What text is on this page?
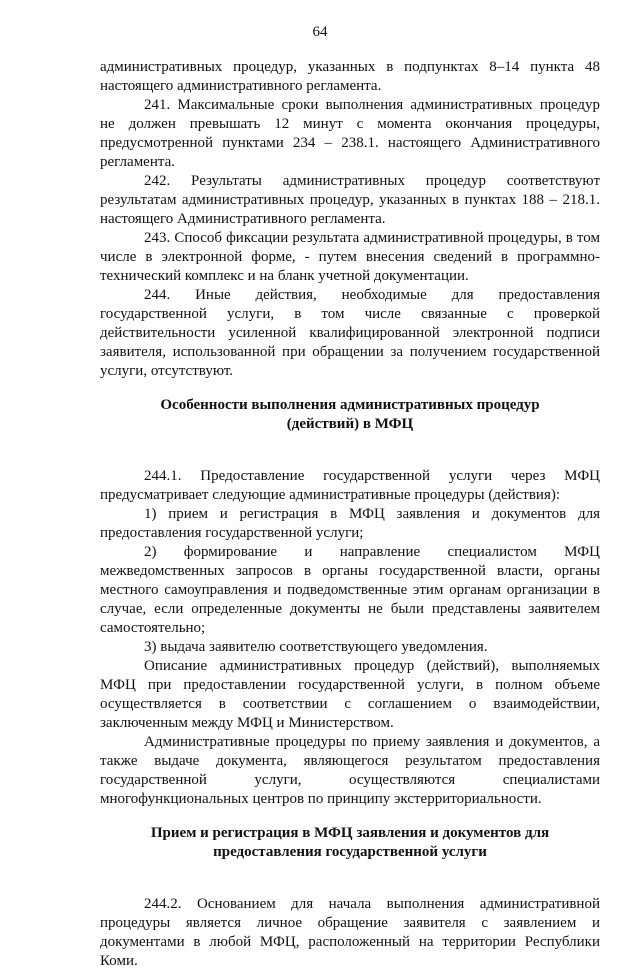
64

административных процедур, указанных в подпунктах 8–14 пункта 48 настоящего административного регламента.

241. Максимальные сроки выполнения административных процедур не должен превышать 12 минут с момента окончания процедуры, предусмотренной пунктами 234 – 238.1. настоящего Административного регламента.

242. Результаты административных процедур соответствуют результатам административных процедур, указанных в пунктах 188 – 218.1. настоящего Административного регламента.

243. Способ фиксации результата административной процедуры, в том числе в электронной форме, - путем внесения сведений в программно-технический комплекс и на бланк учетной документации.

244. Иные действия, необходимые для предоставления государственной услуги, в том числе связанные с проверкой действительности усиленной квалифицированной электронной подписи заявителя, использованной при обращении за получением государственной услуги, отсутствуют.

Особенности выполнения административных процедур (действий) в МФЦ

244.1. Предоставление государственной услуги через МФЦ предусматривает следующие административные процедуры (действия):

1) прием и регистрация в МФЦ заявления и документов для предоставления государственной услуги;

2) формирование и направление специалистом МФЦ межведомственных запросов в органы государственной власти, органы местного самоуправления и подведомственные этим органам организации в случае, если определенные документы не были представлены заявителем самостоятельно;

3) выдача заявителю соответствующего уведомления.

Описание административных процедур (действий), выполняемых МФЦ при предоставлении государственной услуги, в полном объеме осуществляется в соответствии с соглашением о взаимодействии, заключенным между МФЦ и Министерством.

Административные процедуры по приему заявления и документов, а также выдаче документа, являющегося результатом предоставления государственной услуги, осуществляются специалистами многофункциональных центров по принципу экстерриториальности.

Прием и регистрация в МФЦ заявления и документов для предоставления государственной услуги

244.2. Основанием для начала выполнения административной процедуры является личное обращение заявителя с заявлением и документами в любой МФЦ, расположенный на территории Республики Коми.
